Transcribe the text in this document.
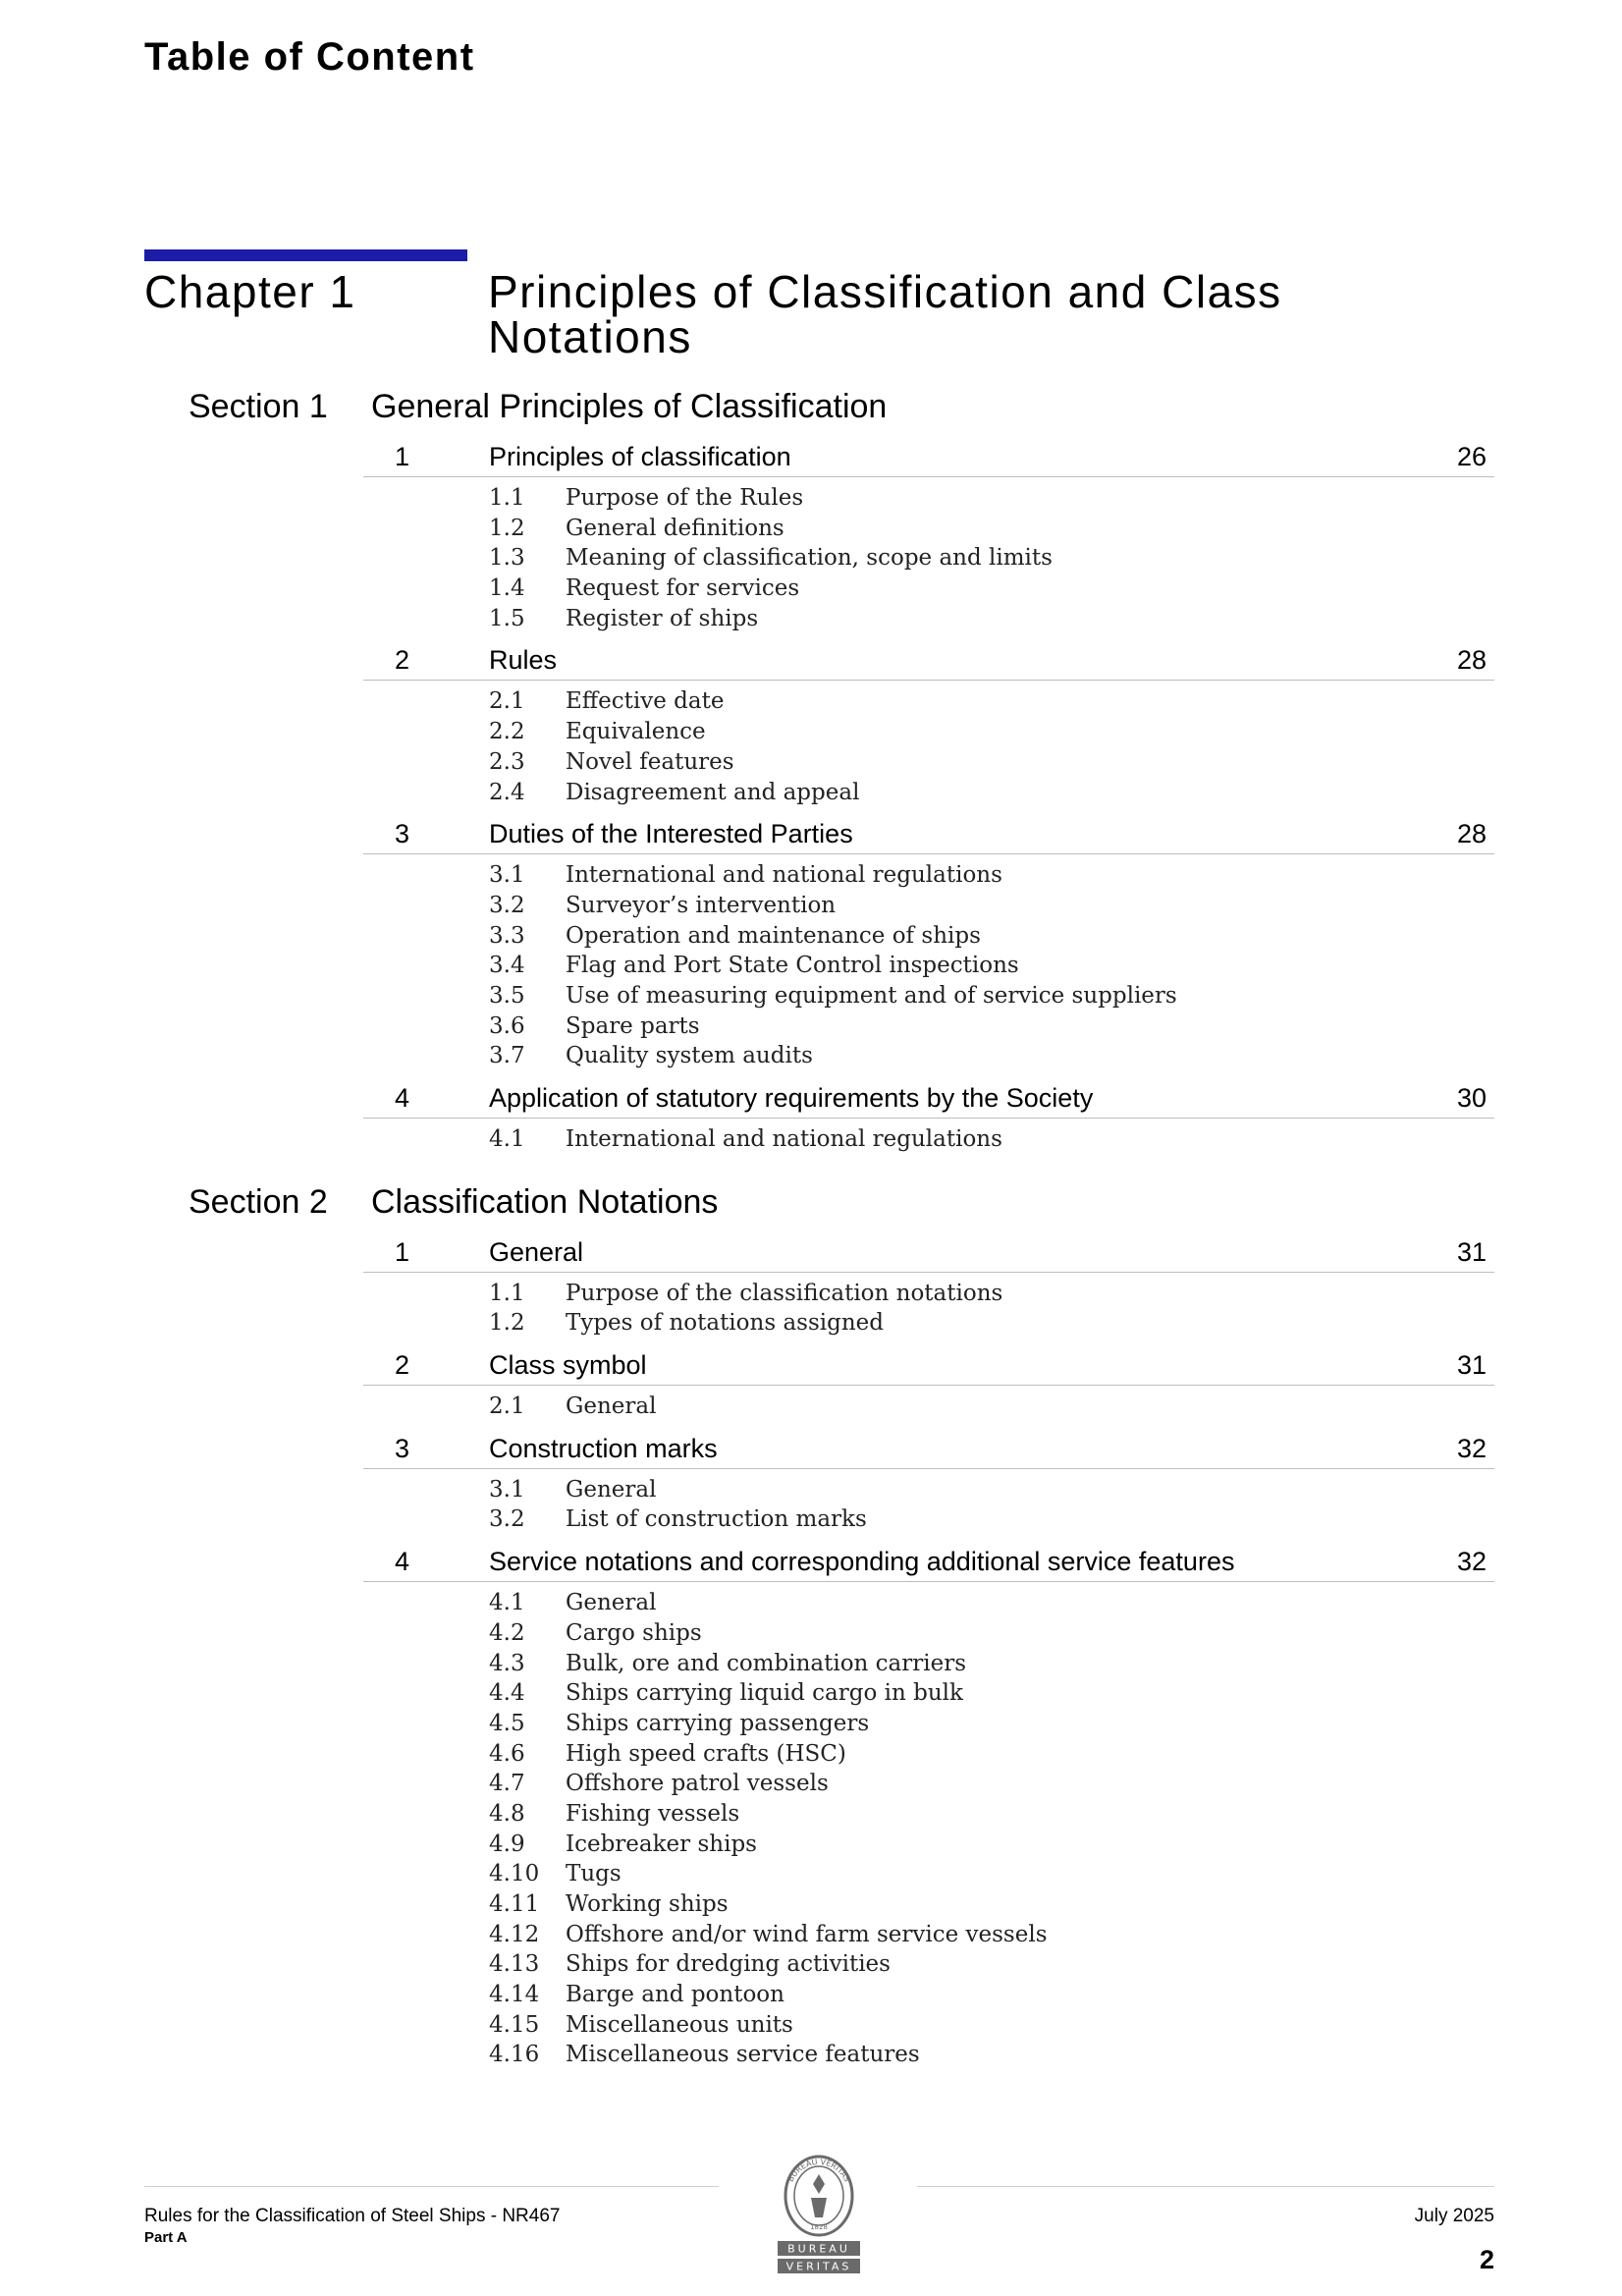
Table of Content
Chapter 1	Principles of Classification and Class Notations
Section 1 General Principles of Classification
1	Principles of classification	26
1.1 Purpose of the Rules
1.2 General definitions
1.3 Meaning of classification, scope and limits
1.4 Request for services
1.5 Register of ships
2	Rules	28
2.1 Effective date
2.2 Equivalence
2.3 Novel features
2.4 Disagreement and appeal
3	Duties of the Interested Parties	28
3.1 International and national regulations
3.2 Surveyor’s intervention
3.3 Operation and maintenance of ships
3.4 Flag and Port State Control inspections
3.5 Use of measuring equipment and of service suppliers
3.6 Spare parts
3.7 Quality system audits
4	Application of statutory requirements by the Society	30
4.1 International and national regulations
Section 2 Classification Notations
1	General	31
1.1 Purpose of the classification notations
1.2 Types of notations assigned
2	Class symbol	31
2.1 General
3	Construction marks	32
3.1 General
3.2 List of construction marks
4	Service notations and corresponding additional service features	32
4.1 General
4.2 Cargo ships
4.3 Bulk, ore and combination carriers
4.4 Ships carrying liquid cargo in bulk
4.5 Ships carrying passengers
4.6 High speed crafts (HSC)
4.7 Offshore patrol vessels
4.8 Fishing vessels
4.9 Icebreaker ships
4.10 Tugs
4.11 Working ships
4.12 Offshore and/or wind farm service vessels
4.13 Ships for dredging activities
4.14 Barge and pontoon
4.15 Miscellaneous units
4.16 Miscellaneous service features
BUREAU VERITAS
1828
BUREAU
VERITAS
Rules for the Classification of Steel Ships - NR467
Part A
July 2025
2
